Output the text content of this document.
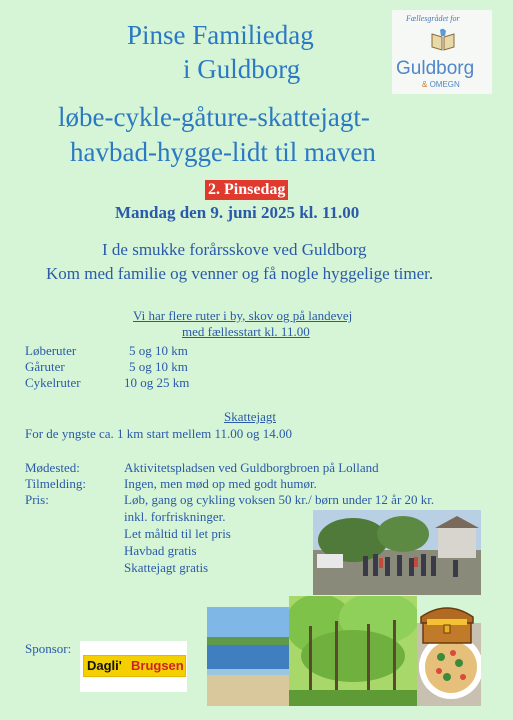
Pinse Familiedag
i Guldborg
løbe-cykle-gåture-skattejagt-
havbad-hygge-lidt til maven
Fællesgrådet for
Guldborg
& OMEGN
2. Pinsedag
Mandag den 9. juni 2025 kl. 11.00
I de smukke forårsskove ved Guldborg
Kom med familie og venner og få nogle hyggelige timer.
Vi har flere ruter i by, skov og på landevej
med fællesstart kl. 11.00
Løberuter	5 og 10 km
Gåruter	5 og 10 km
Cykelruter	10 og 25 km
Skattejagt
For de yngste ca. 1 km start mellem 11.00 og 14.00
Mødested:	Aktivitetspladsen ved Guldborgbroen på Lolland
Tilmelding:	Ingen, men mød op med godt humør.
Pris:	Løb, gang og cykling voksen 50 kr./ børn under 12 år 20 kr.
inkl. forfriskninger.
Let måltid til let pris
Havbad gratis
Skattejagt gratis
Sponsor:
Dagli' Brugsen
